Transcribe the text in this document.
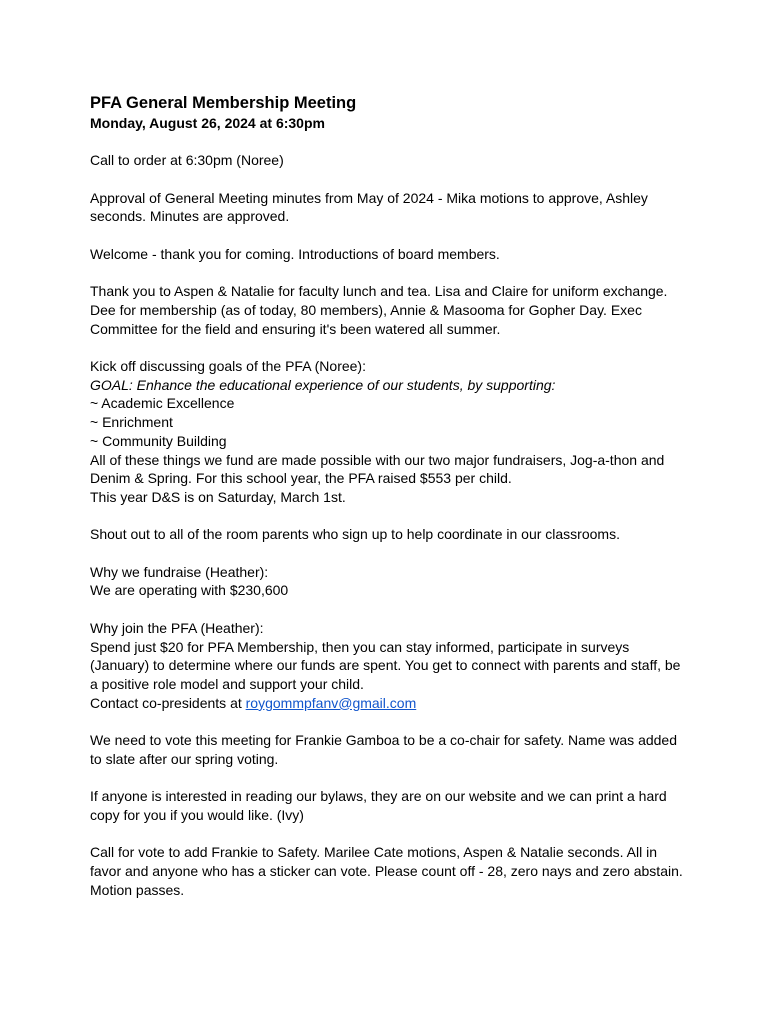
PFA General Membership Meeting
Monday, August 26, 2024 at 6:30pm

Call to order at 6:30pm (Noree)

Approval of General Meeting minutes from May of 2024 - Mika motions to approve, Ashley seconds. Minutes are approved.

Welcome - thank you for coming. Introductions of board members.

Thank you to Aspen & Natalie for faculty lunch and tea. Lisa and Claire for uniform exchange. Dee for membership (as of today, 80 members), Annie & Masooma for Gopher Day. Exec Committee for the field and ensuring it's been watered all summer.

Kick off discussing goals of the PFA (Noree):
GOAL: Enhance the educational experience of our students, by supporting:
~ Academic Excellence
~ Enrichment
~ Community Building
All of these things we fund are made possible with our two major fundraisers, Jog-a-thon and Denim & Spring. For this school year, the PFA raised $553 per child.
This year D&S is on Saturday, March 1st.

Shout out to all of the room parents who sign up to help coordinate in our classrooms.

Why we fundraise (Heather):
We are operating with $230,600

Why join the PFA (Heather):
Spend just $20 for PFA Membership, then you can stay informed, participate in surveys (January) to determine where our funds are spent. You get to connect with parents and staff, be a positive role model and support your child.
Contact co-presidents at roygommpfanv@gmail.com

We need to vote this meeting for Frankie Gamboa to be a co-chair for safety. Name was added to slate after our spring voting.

If anyone is interested in reading our bylaws, they are on our website and we can print a hard copy for you if you would like. (Ivy)

Call for vote to add Frankie to Safety. Marilee Cate motions, Aspen & Natalie seconds. All in favor and anyone who has a sticker can vote. Please count off - 28, zero nays and zero abstain. Motion passes.
